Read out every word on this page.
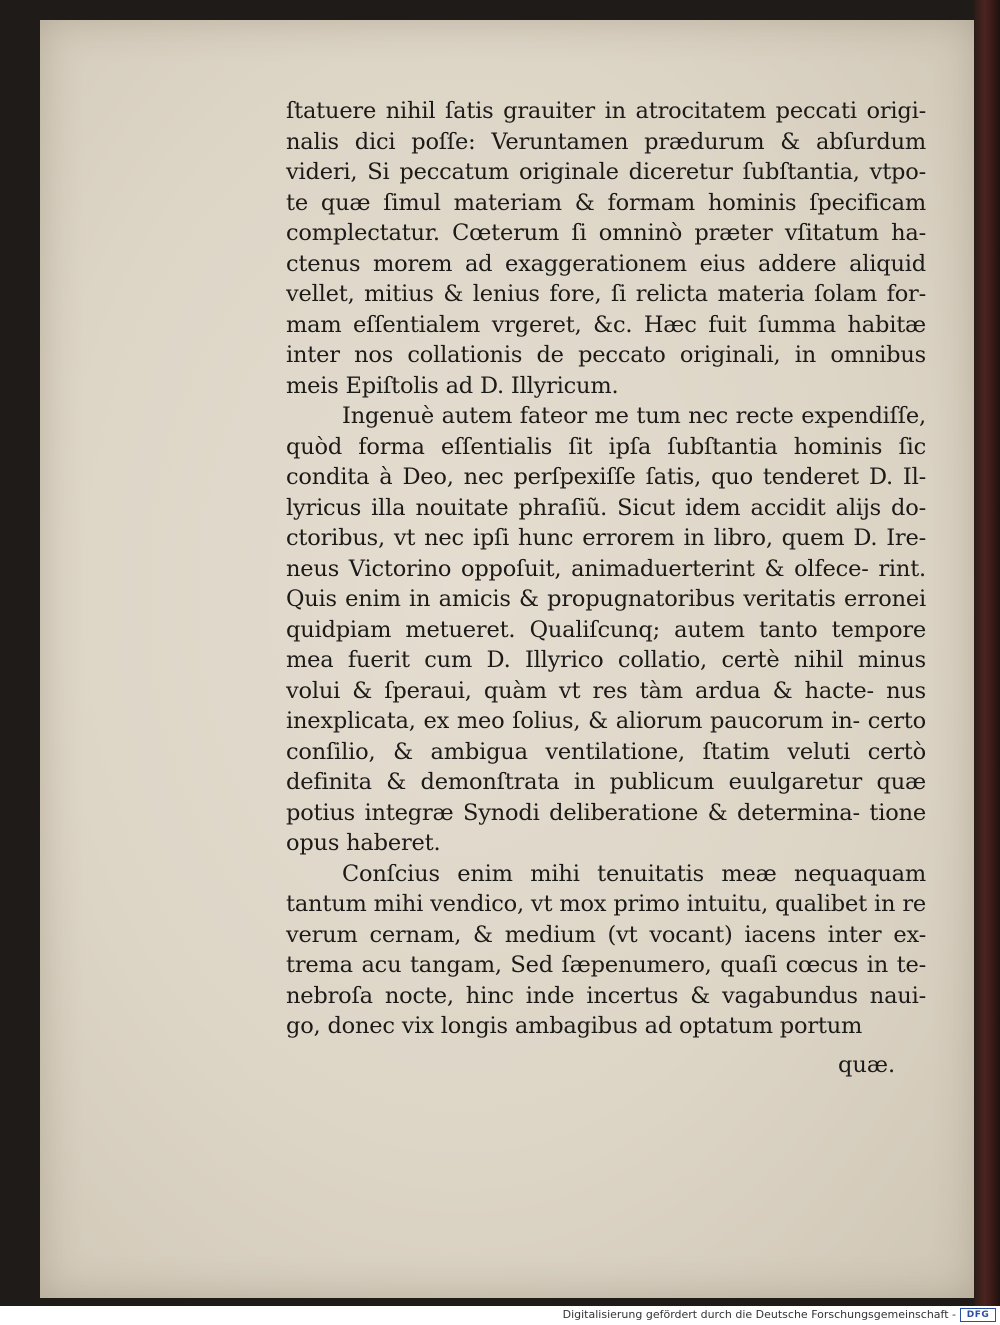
ſtatuere nihil ſatis grauiter in atrocitatem peccati origi- nalis dici poſſe: Veruntamen prædurum & abſurdum videri, Si peccatum originale diceretur ſubſtantia, vtpo- te quæ ſimul materiam & formam hominis ſpecificam complectatur. Cœterum ſi omninò præter vſitatum ha- ctenus morem ad exaggerationem eius addere aliquid vellet, mitius & lenius fore, ſi relicta materia ſolam for- mam eſſentialem vrgeret, &c. Hæc fuit ſumma habitæ inter nos collationis de peccato originali, in omnibus meis Epiſtolis ad D. Illyricum.

Ingenuè autem fateor me tum nec recte expendiſſe, quòd forma eſſentialis ſit ipſa ſubſtantia hominis ſic condita à Deo, nec perſpexiſſe ſatis, quo tenderet D. Il- lyricus illa nouitate phraſiũ. Sicut idem accidit alijs do- ctoribus, vt nec ipſi hunc errorem in libro, quem D. Ire- neus Victorino oppoſuit, animaduerterint & olfece- rint. Quis enim in amicis & propugnatoribus veritatis erronei quidpiam metueret. Qualiſcunq; autem tanto tempore mea fuerit cum D. Illyrico collatio, certè nihil minus volui & ſperaui, quàm vt res tàm ardua & hacte- nus inexplicata, ex meo ſolius, & aliorum paucorum in- certo conſilio, & ambigua ventilatione, ſtatim veluti certò definita & demonſtrata in publicum euulgaretur quæ potius integræ Synodi deliberatione & determina- tione opus haberet.

Conſcius enim mihi tenuitatis meæ nequaquam tantum mihi vendico, vt mox primo intuitu, qualibet in re verum cernam, & medium (vt vocant) iacens inter ex- trema acu tangam, Sed ſæpenumero, quaſi cœcus in te- nebroſa nocte, hinc inde incertus & vagabundus naui- go, donec vix longis ambagibus ad optatum portum

quæ.
Digitalisierung gefördert durch die Deutsche Forschungsgemeinschaft - DFG
